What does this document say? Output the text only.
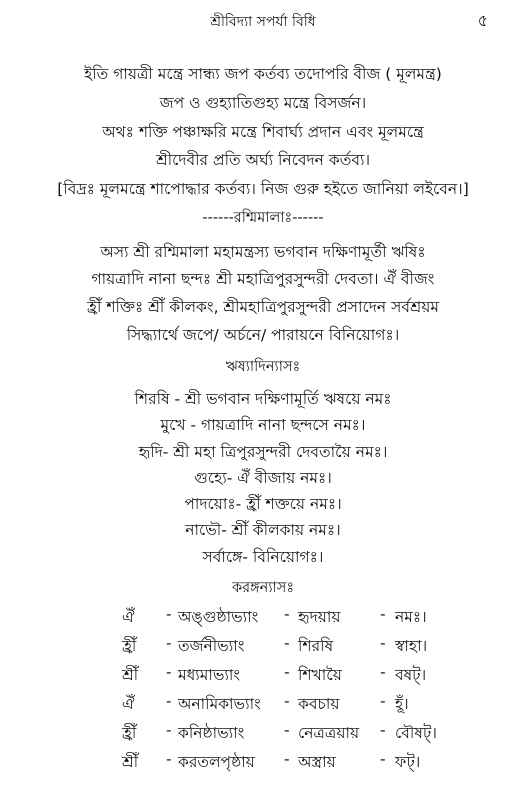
শ্রীবিদ্যা সপর্যা বিধি	৫
ইতি গায়ত্রী মন্ত্রে সান্ধ্য জপ কর্তব্য তদোপরি বীজ ( মূলমন্ত্র)
জপ ও গুহ্যাতিগুহ্য মন্ত্রে বিসর্জন।
অথঃ শক্তি পঞ্চাক্ষরি মন্ত্রে শিবার্ঘ্য প্রদান এবং মূলমন্ত্রে
শ্রীদেবীর প্রতি অর্ঘ্য নিবেদন কর্তব্য।
[বিদ্রঃ মূলমন্ত্রে শাপোদ্ধার কর্তব্য। নিজ গুরু হইতে জানিয়া লইবেন।]
------রশ্মিমালাঃ------
অস্য শ্রী রশ্মিমালা মহামন্ত্রস্য ভগবান দক্ষিণামূর্তী ঋষিঃ
গায়ত্রাদি নানা ছন্দঃ শ্রী মহাত্রিপুরসুন্দরী দেবতা। ঐঁ বীজং
হ্রীঁ শক্তিঃ শ্রীঁ কীলকং, শ্রীমহাত্রিপুরসুন্দরী প্রসাদেন সর্বশ্রয়ম
সিদ্ধ্যার্থে জপে/ অর্চনে/ পারায়নে বিনিয়োগঃ।
ঋষ্যাদিন্যাসঃ
শিরষি - শ্রী ভগবান দক্ষিণামূর্তি ঋষয়ে নমঃ
মুখে - গায়ত্রাদি নানা ছন্দসে নমঃ।
হৃদি- শ্রী মহা ত্রিপুরসুন্দরী দেবতায়ৈ নমঃ।
গুহ্যে- ঐঁ বীজায় নমঃ।
পাদয়োঃ- হ্রীঁ শক্তয়ে নমঃ।
নাভৌ- শ্রীঁ কীলকায় নমঃ।
সর্বাঙ্গে- বিনিয়োগঃ।
করঙ্গন্যাসঃ
ঐঁ - অঙ্গুষ্ঠাভ্যাং - হৃদয়ায়	- নমঃ।
হ্রীঁ - তর্জনীভ্যাং	- শিরষি	- স্বাহা।
শ্রীঁ - মধ্যমাভ্যাং	- শিখায়ৈ - বষট্।
ঐঁ - অনামিকাভ্যাং - কবচায়	- হূঁ।
হ্রীঁ - কনিষ্ঠাভ্যাং	- নেত্রত্রয়ায় - বৌষট্।
শ্রীঁ - করতলপৃষ্ঠায় - অস্ত্রায়	- ফট্।
